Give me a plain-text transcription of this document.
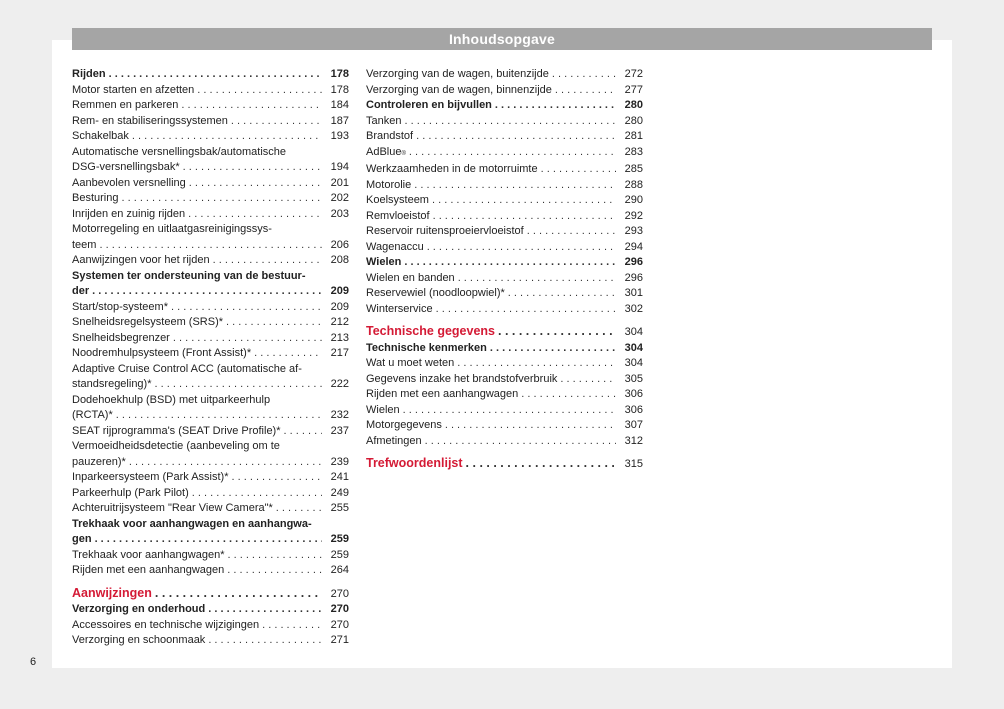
Inhoudsopgave
Rijden . . .	178
Motor starten en afzetten . . .	178
Remmen en parkeren . . .	184
Rem- en stabiliseringssystemen . . .	187
Schakelbak . . .	193
Automatische versnellingsbak/automatische
DSG-versnellingsbak* . . .	194
Aanbevolen versnelling . . .	201
Besturing . . .	202
Inrijden en zuinig rijden . . .	203
Motorregeling en uitlaatgasreinigingssys-
teem . . .	206
Aanwijzingen voor het rijden . . .	208
Systemen ter ondersteuning van de bestuur-
der . . .	209
Start/stop-systeem* . . .	209
Snelheidsregelsysteem (SRS)* . . .	212
Snelheidsbegrenzer . . .	213
Noodremhulpsysteem (Front Assist)* . . .	217
Adaptive Cruise Control ACC (automatische af-
standsregeling)* . . .	222
Dodehoekhulp (BSD) met uitparkeerhulp
(RCTA)* . . .	232
SEAT rijprogramma's (SEAT Drive Profile)* . . .	237
Vermoeidheidsdetectie (aanbeveling om te
pauzeren)* . . .	239
Inparkeersysteem (Park Assist)* . . .	241
Parkeerhulp (Park Pilot) . . .	249
Achteruitrijsysteem "Rear View Camera"* . . .	255
Trekhaak voor aanhangwagen en aanhangwa-
gen . . .	259
Trekhaak voor aanhangwagen* . . .	259
Rijden met een aanhangwagen . . .	264
Aanwijzingen . . .	270
Verzorging en onderhoud . . .	270
Accessoires en technische wijzigingen . . .	270
Verzorging en schoonmaak . . .	271
Verzorging van de wagen, buitenzijde . . .	272
Verzorging van de wagen, binnenzijde . . .	277
Controleren en bijvullen . . .	280
Tanken . . .	280
Brandstof . . .	281
AdBlue ® . . .	283
Werkzaamheden in de motorruimte . . .	285
Motorolie . . .	288
Koelsysteem . . .	290
Remvloeistof . . .	292
Reservoir ruitensproeiervloeistof . . .	293
Wagenaccu . . .	294
Wielen . . .	296
Wielen en banden . . .	296
Reservewiel (noodloopwiel)* . . .	301
Winterservice . . .	302
Technische gegevens . . .	304
Technische kenmerken . . .	304
Wat u moet weten . . .	304
Gegevens inzake het brandstofverbruik . . .	305
Rijden met een aanhangwagen . . .	306
Wielen . . .	306
Motorgegevens . . .	307
Afmetingen . . .	312
Trefwoordenlijst . . .	315
6
